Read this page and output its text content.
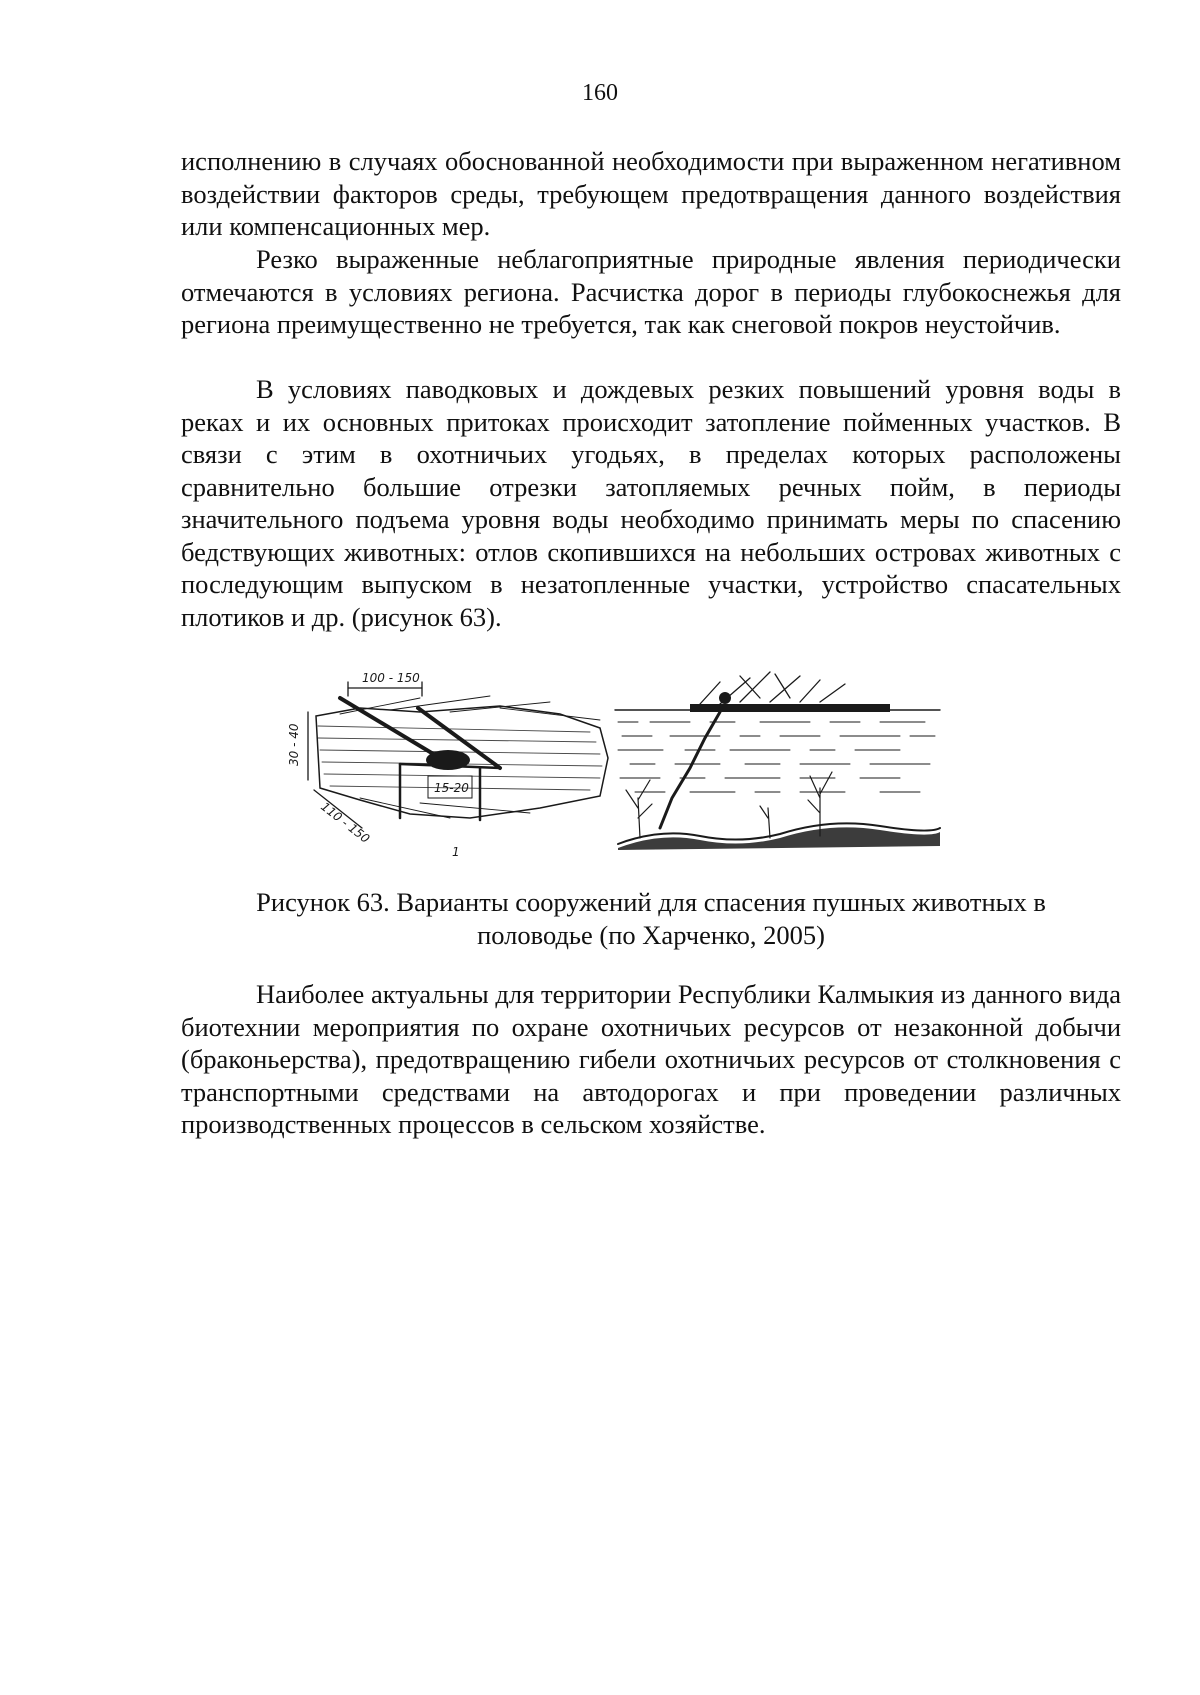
160

исполнению в случаях обоснованной необходимости при выраженном негативном воздействии факторов среды, требующем предотвращения данного воздействия или компенсационных мер.

Резко выраженные неблагоприятные природные явления периодически отмечаются в условиях региона. Расчистка дорог в периоды глубокоснежья для региона преимущественно не требуется, так как снеговой покров неустойчив.

В условиях паводковых и дождевых резких повышений уровня воды в реках и их основных притоках происходит затопление пойменных участков. В связи с этим в охотничьих угодьях, в пределах которых расположены сравнительно большие отрезки затопляемых речных пойм, в периоды значительного подъема уровня воды необходимо принимать меры по спасению бедствующих животных: отлов скопившихся на небольших островах животных с последующим выпуском в незатопленные участки, устройство спасательных плотиков и др. (рисунок 63).

100 - 150
30 - 40
110 - 150
15-20
1

Рисунок 63. Варианты сооружений для спасения пушных животных в
половодье (по Харченко, 2005)

Наиболее актуальны для территории Республики Калмыкия из данного вида биотехнии мероприятия по охране охотничьих ресурсов от незаконной добычи (браконьерства), предотвращению гибели охотничьих ресурсов от столкновения с транспортными средствами на автодорогах и при проведении различных производственных процессов в сельском хозяйстве.
